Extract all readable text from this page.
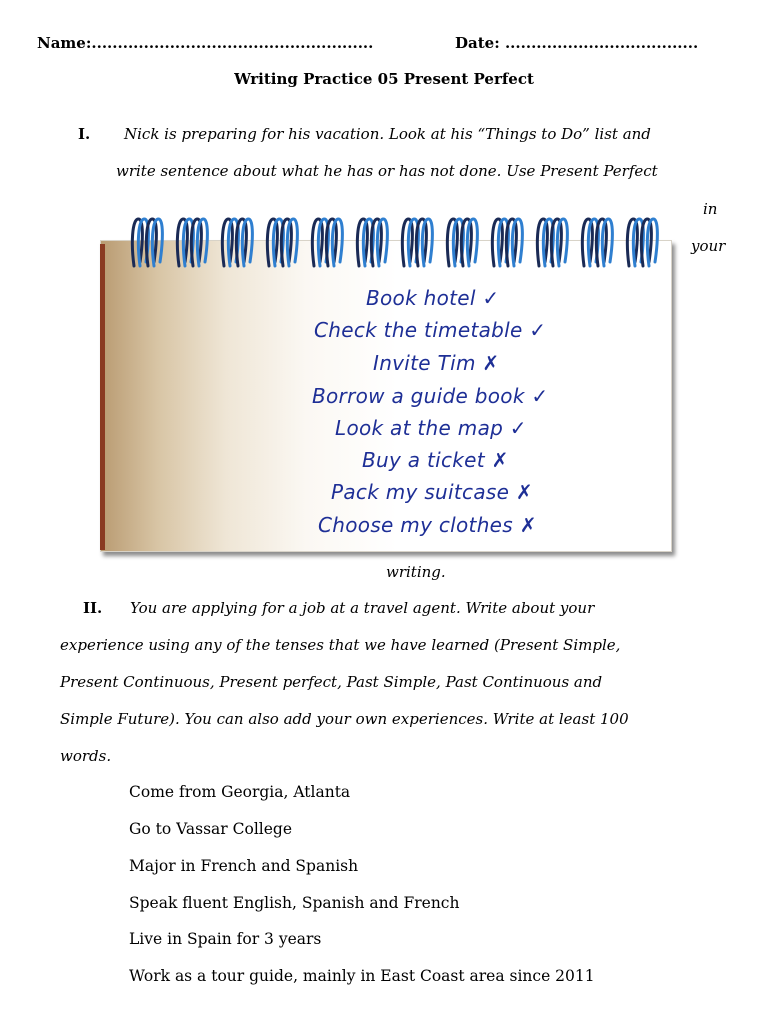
Name:......................................................	Date: .....................................
Writing Practice 05 Present Perfect
I. Nick is preparing for his vacation. Look at his “Things to Do” list and
write sentence about what he has or has not done. Use Present Perfect
in
your
Book hotel ✓
Check the timetable ✓
Invite Tim ✗
Borrow a guide book ✓
Look at the map ✓
Buy a ticket ✗
Pack my suitcase ✗
Choose my clothes ✗
writing.
II. You are applying for a job at a travel agent. Write about your
experience using any of the tenses that we have learned (Present Simple,
Present Continuous, Present perfect, Past Simple, Past Continuous and
Simple Future). You can also add your own experiences. Write at least 100
words.
Come from Georgia, Atlanta
Go to Vassar College
Major in French and Spanish
Speak fluent English, Spanish and French
Live in Spain for 3 years
Work as a tour guide, mainly in East Coast area since 2011
